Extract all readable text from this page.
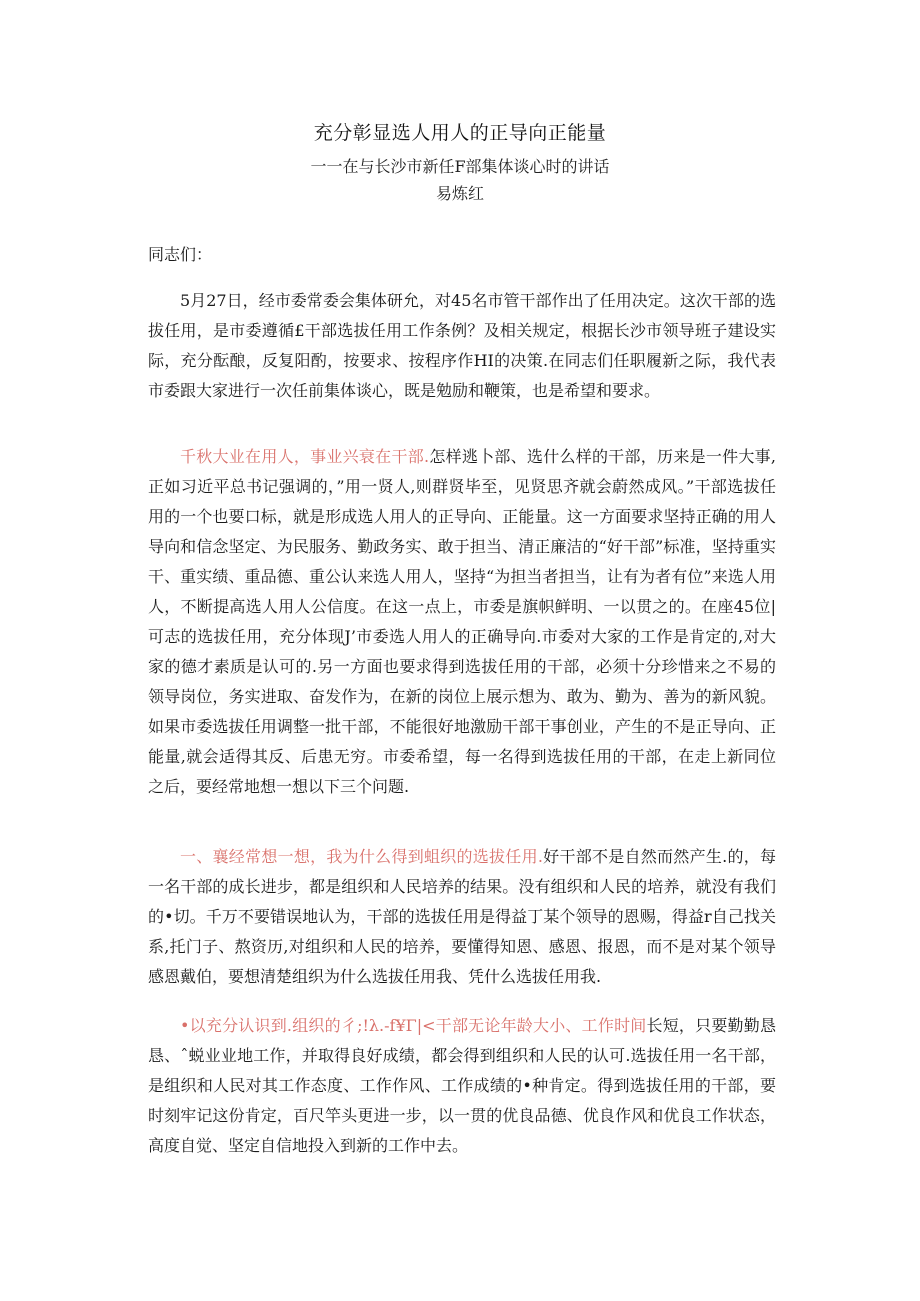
充分彰显选人用人的正导向正能量
一一在与长沙市新任F部集体谈心时的讲话
易炼红
同志们：

5月27日，经市委常委会集体研允，对45名市管干部作出了任用决定。这次干部的选拔任用，是市委遵循£干部选拔任用工作条例？及相关规定，根据长沙市领导班子建设实际，充分酝酿，反复阳酌，按要求、按程序作HI的决策.在同志们任职履新之际，我代表市委跟大家进行一次任前集体谈心，既是勉励和鞭策，也是希望和要求。

千秋大业在用人，事业兴衰在干部.怎样逃卜部、选什么样的干部，历来是一件大事,正如习近平总书记强调的，”用一贤人,则群贤毕至，见贤思齐就会蔚然成风。”干部选拔任用的一个也要口标，就是形成选人用人的正导向、正能量。这一方面要求坚持正确的用人导向和信念坚定、为民服务、勤政务实、敢于担当、清正廉洁的“好干部”标准，坚持重实干、重实绩、重品德、重公认来选人用人，坚持“为担当者担当，让有为者有位”来选人用人，不断提高选人用人公信度。在这一点上，市委是旗帜鲜明、一以贯之的。在座45位|可志的选拔任用，充分体现J’市委选人用人的正确导向.市委对大家的工作是肯定的,对大家的德才素质是认可的.另一方面也要求得到选拔任用的干部，必须十分珍惜来之不易的领导岗位，务实进取、奋发作为，在新的岗位上展示想为、敢为、勤为、善为的新风貌。如果市委选拔任用调整一批干部，不能很好地激励干部干事创业，产生的不是正导向、正能量,就会适得其反、后患无穷。市委希望，每一名得到选拔任用的干部，在走上新同位之后，要经常地想一想以下三个问题.

一、襄经常想一想，我为什么得到蛆织的选拔任用.好干部不是自然而然产生.的，每一名干部的成长进步，都是组织和人民培养的结果。没有组织和人民的培养，就没有我们的•切。千万不要错误地认为，干部的选拔任用是得益丁某个领导的恩赐，得益r自己找关系,托门子、熬资历,对组织和人民的培养，要懂得知恩、感恩、报恩，而不是对某个领导感恩戴伯，要想清楚组织为什么选拔任用我、凭什么选拔任用我.

•以充分认识到.组织的彳;!λ.-f¥Γ|<干部无论年龄大小、工作时间长短，只要勤勤恳恳、ˆ蜕业业地工作，并取得良好成绩，都会得到组织和人民的认可.选拔任用一名干部，是组织和人民对其工作态度、工作作风、工作成绩的•种肯定。得到选拔任用的干部，要时刻牢记这份肯定，百尺竿头更进一步，以一贯的优良品德、优良作风和优良工作状态，高度自觉、坚定自信地投入到新的工作中去。
